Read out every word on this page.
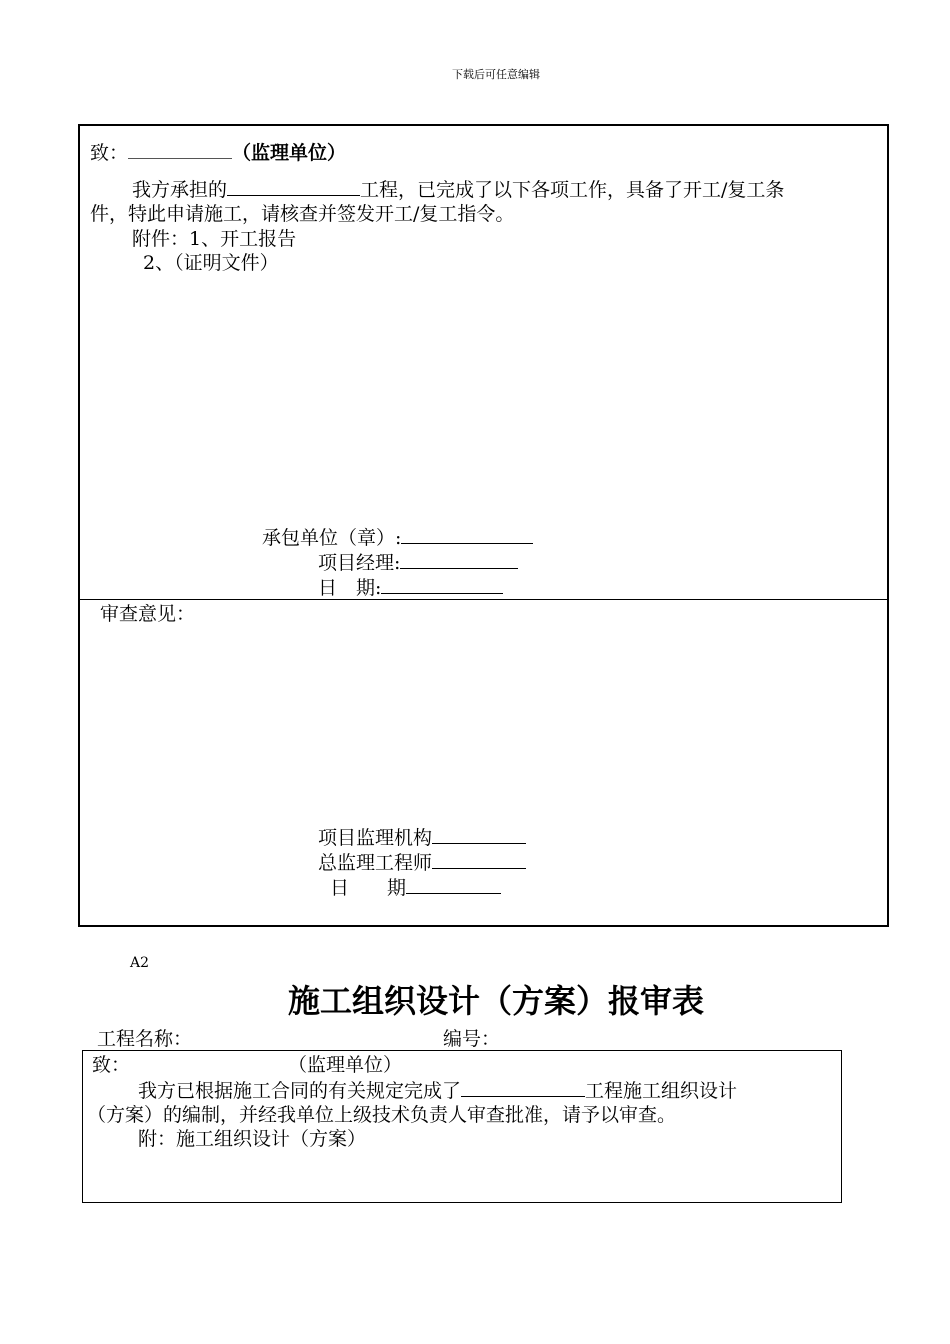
下载后可任意编辑
致：	（监理单位）
我方承担的	工程，已完成了以下各项工作，具备了开工/复工条
件，特此申请施工，请核查并签发开工/复工指令。
附件：1、开工报告
2、（证明文件）
承包单位（章）:
项目经理:
日　期:
审查意见：
项目监理机构
总监理工程师
日　　期
A2
施工组织设计（方案）报审表
工程名称：	编号：
致：	（监理单位）
我方已根据施工合同的有关规定完成了	工程施工组织设计
（方案）的编制，并经我单位上级技术负责人审查批准，请予以审查。
附：施工组织设计（方案）
